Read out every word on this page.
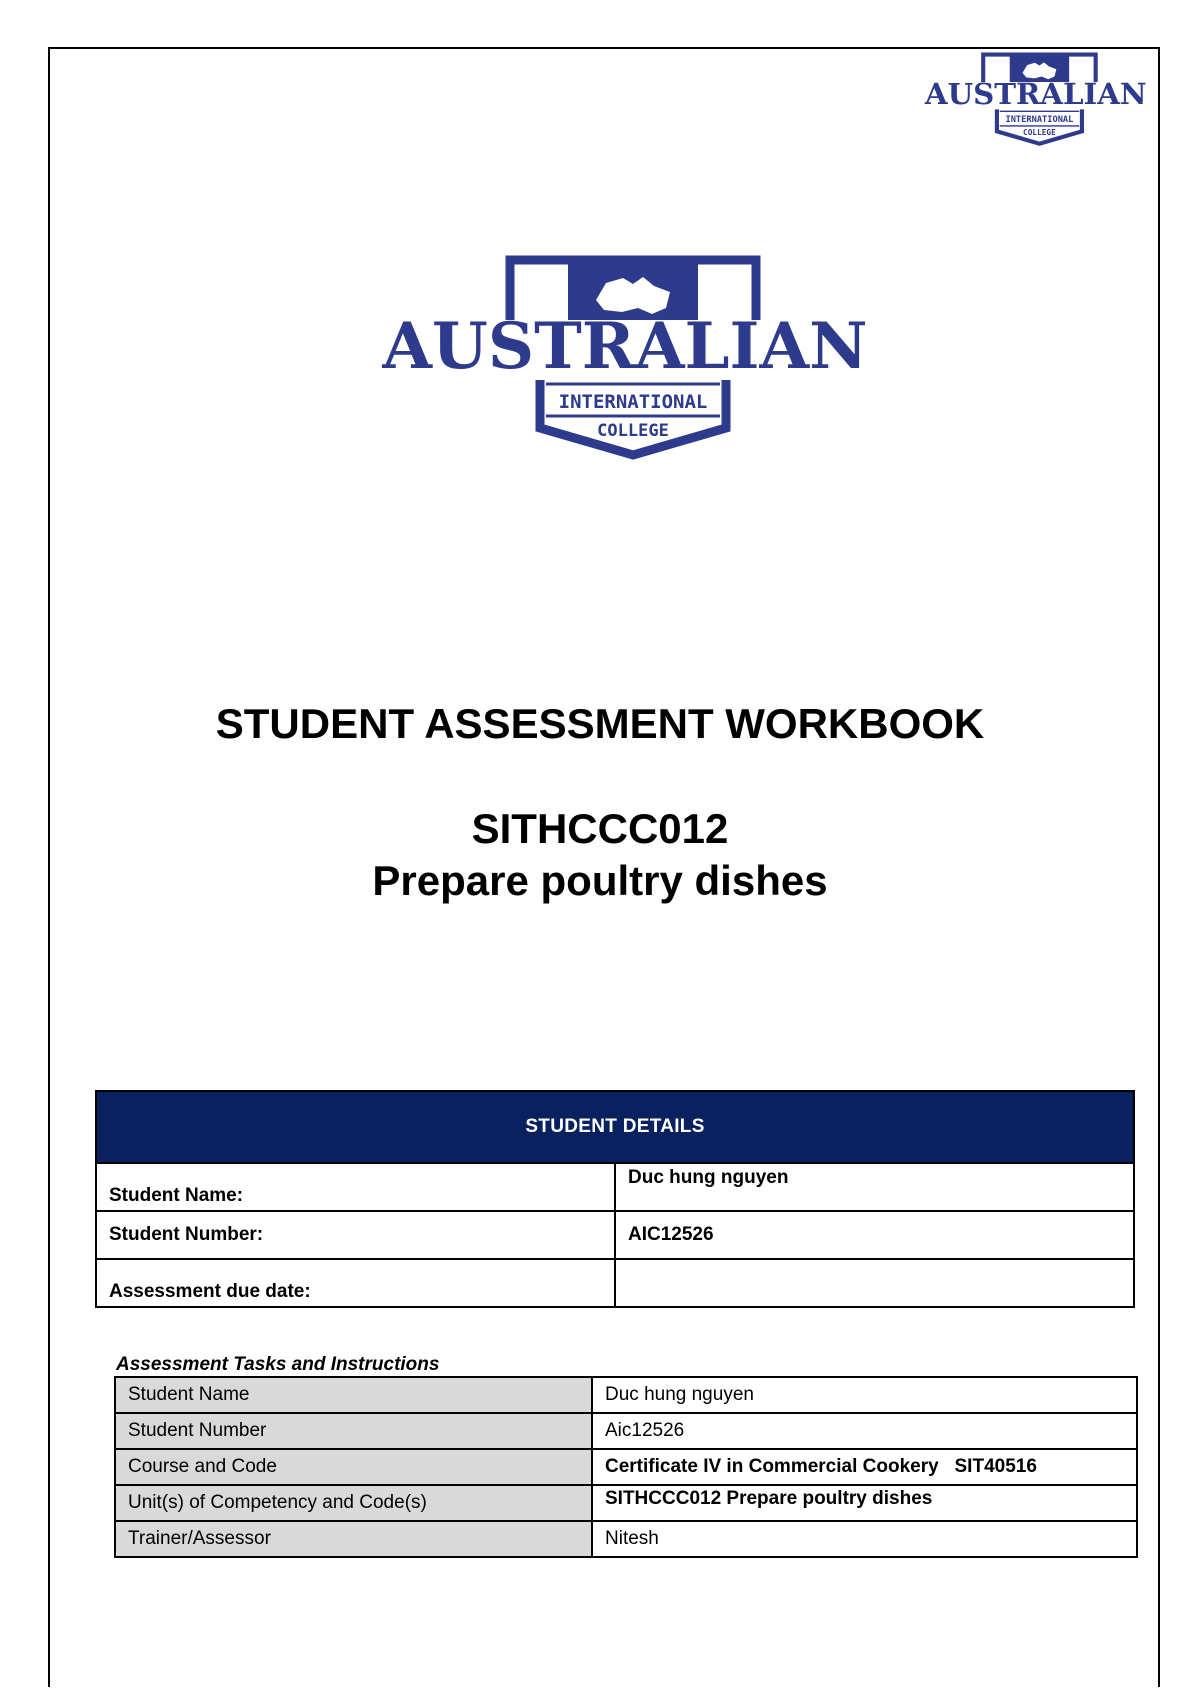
AUSTRALIAN
INTERNATIONAL
COLLEGE
AUSTRALIAN
INTERNATIONAL
COLLEGE
STUDENT ASSESSMENT WORKBOOK
SITHCCC012
Prepare poultry dishes
STUDENT DETAILS	
Student Name:	Duc hung nguyen
Student Number:	AIC12526
Assessment due date:	

Assessment Tasks and Instructions

Student Name	Duc hung nguyen
Student Number	Aic12526
Course and Code	Certificate IV in Commercial Cookery   SIT40516
Unit(s) of Competency and Code(s)	SITHCCC012 Prepare poultry dishes
Trainer/Assessor	Nitesh
